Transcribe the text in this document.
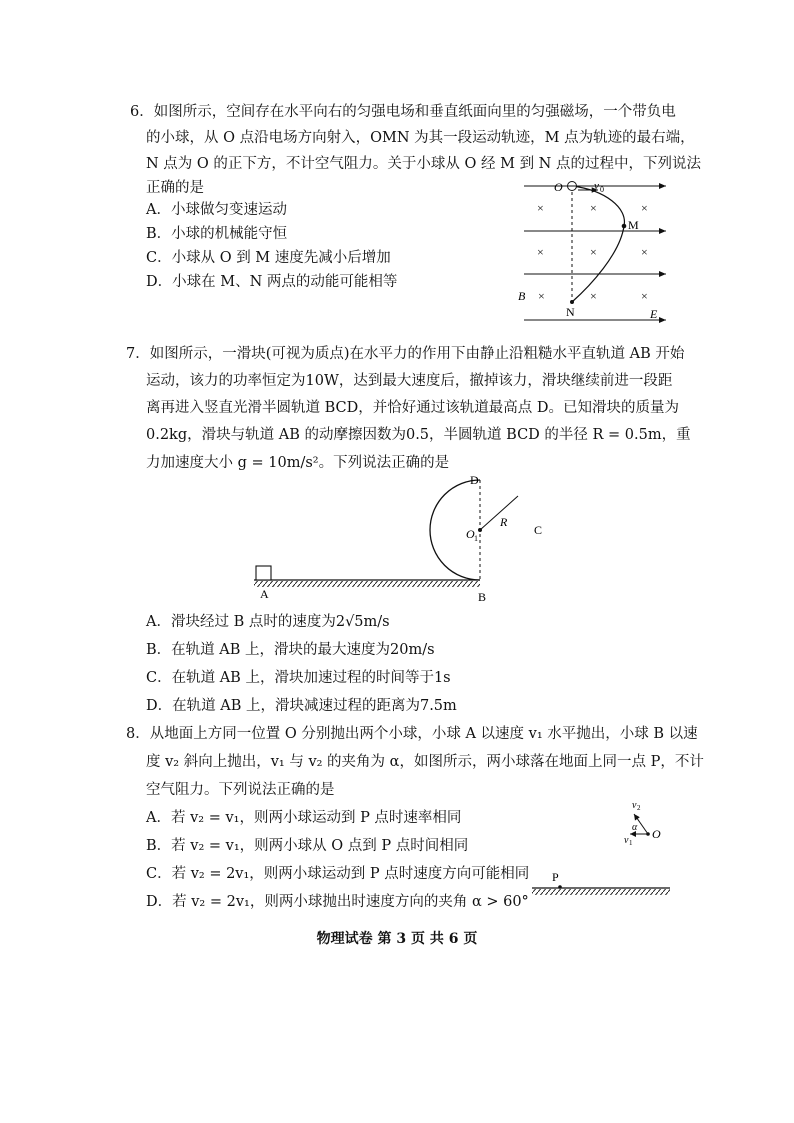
6．如图所示，空间存在水平向右的匀强电场和垂直纸面向里的匀强磁场，一个带负电
的小球，从 O 点沿电场方向射入，OMN 为其一段运动轨迹，M 点为轨迹的最右端，
N 点为 O 的正下方，不计空气阻力。关于小球从 O 经 M 到 N 点的过程中，下列说法
正确的是
A．小球做匀变速运动
B．小球的机械能守恒
C．小球从 O 到 M 速度先减小后增加
D．小球在 M、N 两点的动能可能相等
O	v 0
M
N
×	×	×
×	×	×
×	×	×
B
E
7．如图所示，一滑块(可视为质点)在水平力的作用下由静止沿粗糙水平直轨道 AB 开始
运动，该力的功率恒定为10W，达到最大速度后，撤掉该力，滑块继续前进一段距
离再进入竖直光滑半圆轨道 BCD，并恰好通过该轨道最高点 D。已知滑块的质量为
0.2kg，滑块与轨道 AB 的动摩擦因数为0.5，半圆轨道 BCD 的半径 R = 0.5m，重
力加速度大小 g = 10m/s²。下列说法正确的是
A	B
C
D
O 1
R
A．滑块经过 B 点时的速度为2√5m/s
B．在轨道 AB 上，滑块的最大速度为20m/s
C．在轨道 AB 上，滑块加速过程的时间等于1s
D．在轨道 AB 上，滑块减速过程的距离为7.5m
8．从地面上方同一位置 O 分别抛出两个小球，小球 A 以速度 v₁ 水平抛出，小球 B 以速
度 v₂ 斜向上抛出，v₁ 与 v₂ 的夹角为 α，如图所示，两小球落在地面上同一点 P，不计
空气阻力。下列说法正确的是
A．若 v₂ = v₁，则两小球运动到 P 点时速率相同
B．若 v₂ = v₁，则两小球从 O 点到 P 点时间相同
C．若 v₂ = 2v₁，则两小球运动到 P 点时速度方向可能相同
D．若 v₂ = 2v₁，则两小球抛出时速度方向的夹角 α > 60°
v 2
v 1
α O
P
物理试卷 第 3 页 共 6 页
